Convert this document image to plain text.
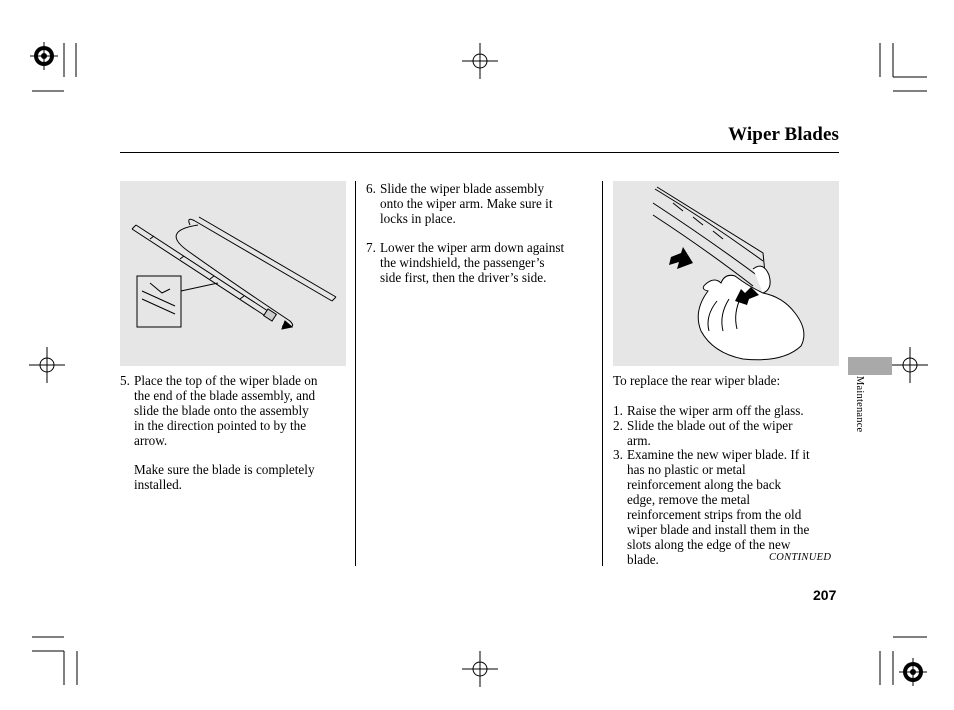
Wiper Blades
5. Place the top of the wiper blade on
the end of the blade assembly, and
slide the blade onto the assembly
in the direction pointed to by the
arrow.
Make sure the blade is completely
installed.
6. Slide the wiper blade assembly
onto the wiper arm. Make sure it
locks in place.
7. Lower the wiper arm down against
the windshield, the passenger’s
side first, then the driver’s side.
To replace the rear wiper blade:
1. Raise the wiper arm off the glass.
2. Slide the blade out of the wiper
arm.
3. Examine the new wiper blade. If it
has no plastic or metal
reinforcement along the back
edge, remove the metal
reinforcement strips from the old
wiper blade and install them in the
slots along the edge of the new
blade.	CONTINUED
Maintenance
207
